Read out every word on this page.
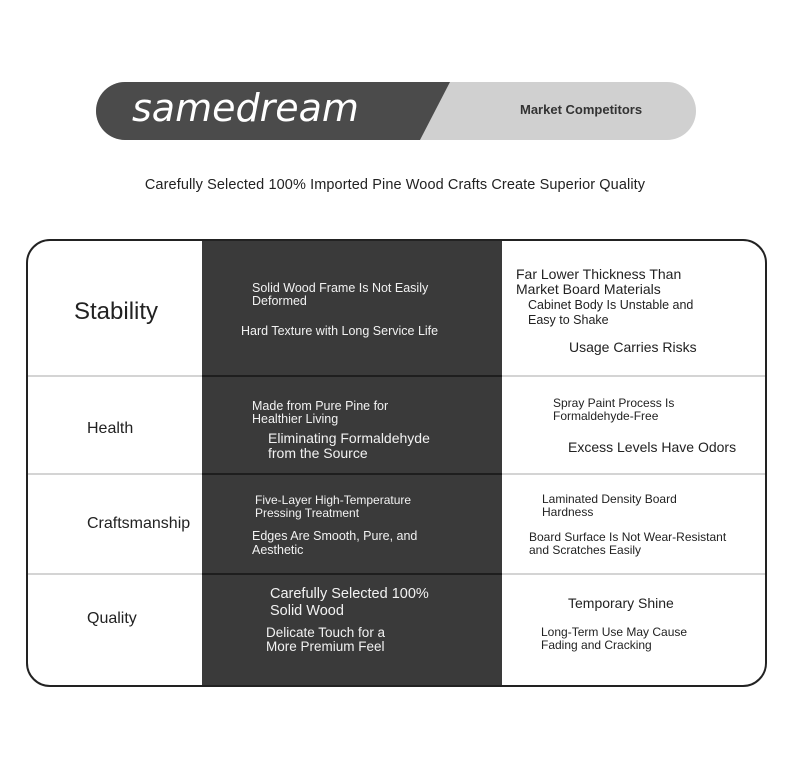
samedream	Market Competitors
Carefully Selected 100% Imported Pine Wood Crafts Create Superior Quality
Stability
Solid Wood Frame Is Not Easily Deformed
Hard Texture with Long Service Life
Far Lower Thickness Than Market Board Materials
Cabinet Body Is Unstable and Easy to Shake
Usage Carries Risks
Health
Made from Pure Pine for Healthier Living
Eliminating Formaldehyde from the Source
Spray Paint Process Is Formaldehyde-Free
Excess Levels Have Odors
Craftsmanship
Five-Layer High-Temperature Pressing Treatment
Edges Are Smooth, Pure, and Aesthetic
Laminated Density Board Hardness
Board Surface Is Not Wear-Resistant and Scratches Easily
Quality
Carefully Selected 100% Solid Wood
Delicate Touch for a More Premium Feel
Temporary Shine
Long-Term Use May Cause Fading and Cracking
